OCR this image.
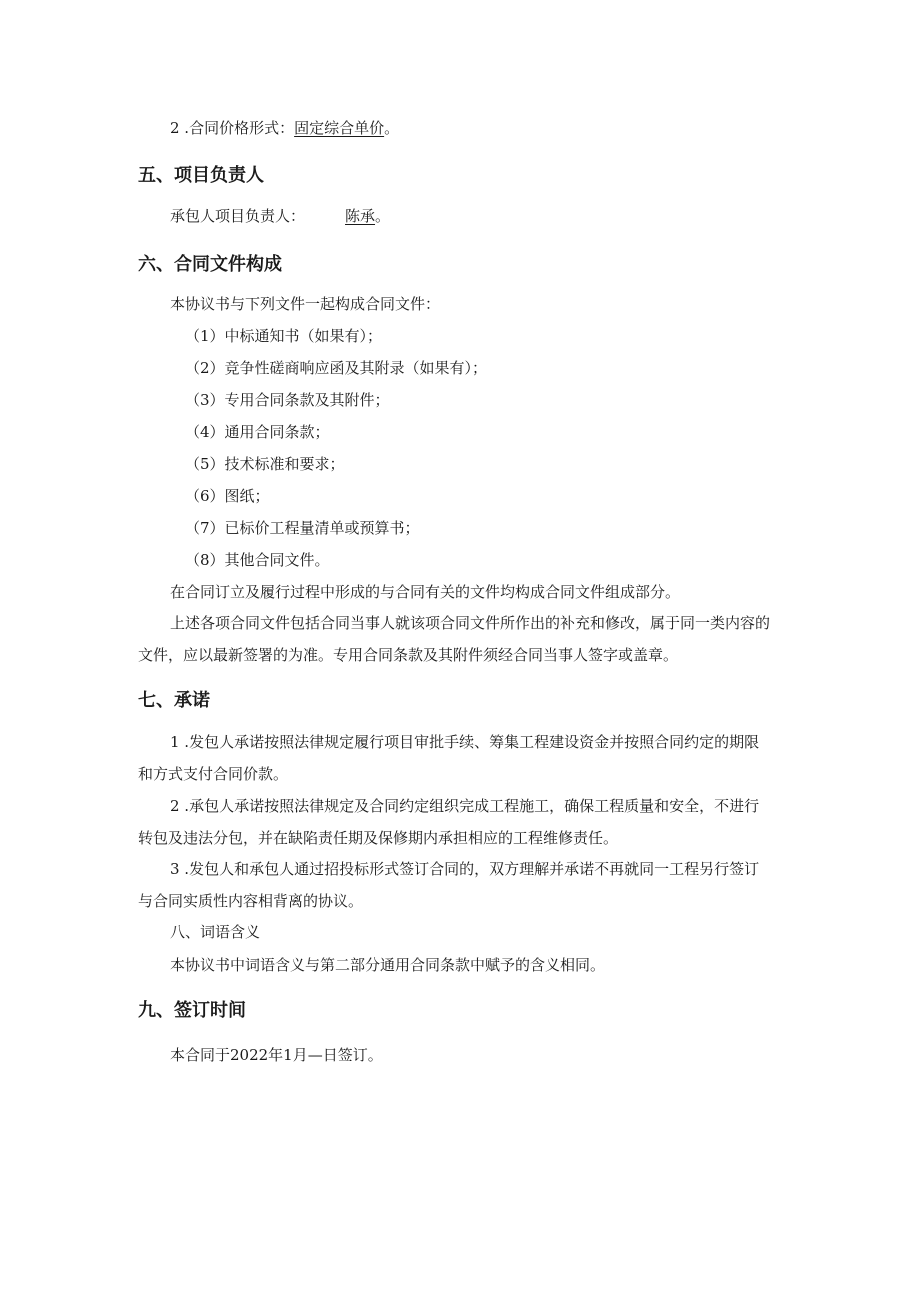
2 .合同价格形式：固定综合单价。
五、项目负责人
承包人项目负责人：	陈承。
六、合同文件构成
本协议书与下列文件一起构成合同文件：
（1）中标通知书（如果有）；
（2）竞争性磋商响应函及其附录（如果有）；
（3）专用合同条款及其附件；
（4）通用合同条款；
（5）技术标准和要求；
（6）图纸；
（7）已标价工程量清单或预算书；
（8）其他合同文件。
在合同订立及履行过程中形成的与合同有关的文件均构成合同文件组成部分。
上述各项合同文件包括合同当事人就该项合同文件所作出的补充和修改，属于同一类内容的
文件，应以最新签署的为准。专用合同条款及其附件须经合同当事人签字或盖章。
七、承诺
1 .发包人承诺按照法律规定履行项目审批手续、筹集工程建设资金并按照合同约定的期限
和方式支付合同价款。
2 .承包人承诺按照法律规定及合同约定组织完成工程施工，确保工程质量和安全，不进行
转包及违法分包，并在缺陷责任期及保修期内承担相应的工程维修责任。
3 .发包人和承包人通过招投标形式签订合同的，双方理解并承诺不再就同一工程另行签订
与合同实质性内容相背离的协议。
八、词语含义
本协议书中词语含义与第二部分通用合同条款中赋予的含义相同。
九、签订时间
本合同于2022年1月—日签订。
